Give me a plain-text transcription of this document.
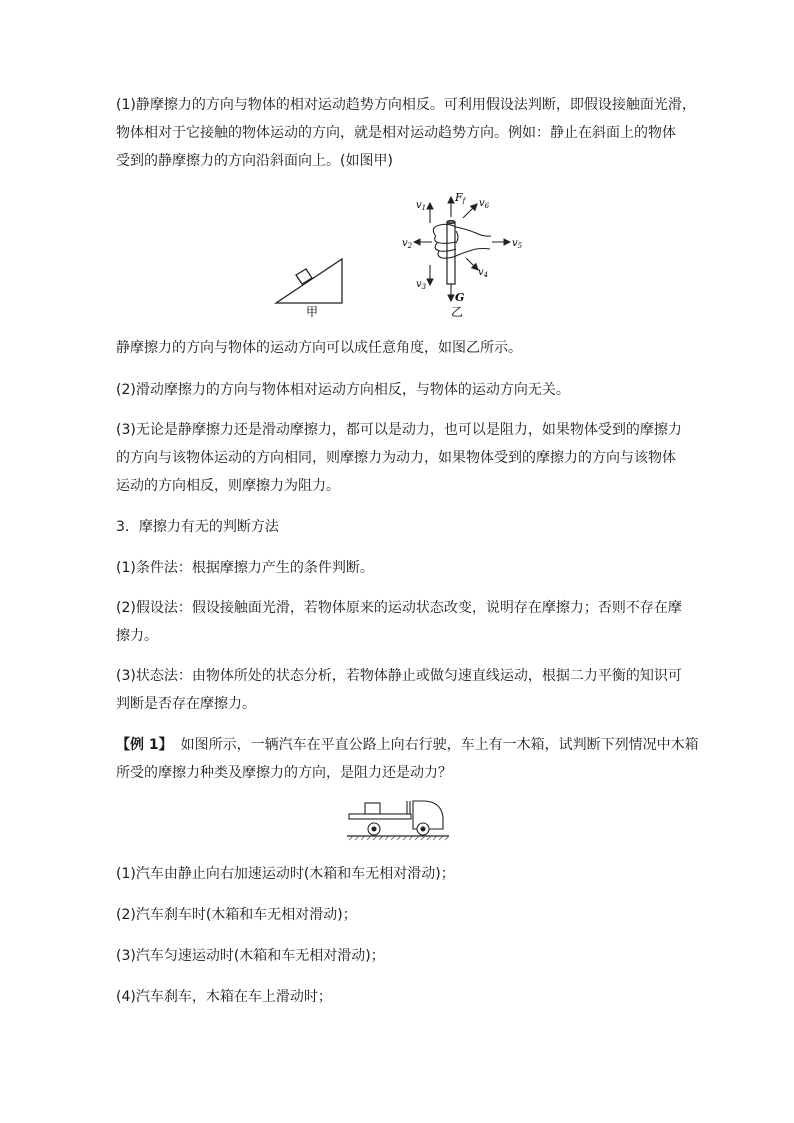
(1)静摩擦力的方向与物体的相对运动趋势方向相反。可利用假设法判断，即假设接触面光滑，
物体相对于它接触的物体运动的方向，就是相对运动趋势方向。例如：静止在斜面上的物体
受到的静摩擦力的方向沿斜面向上。(如图甲)
甲
Ff
G
$v_1$
$v_2$
$v_3$
$v_4$
$v_5$
$v_6$
乙
静摩擦力的方向与物体的运动方向可以成任意角度，如图乙所示。
(2)滑动摩擦力的方向与物体相对运动方向相反，与物体的运动方向无关。
(3)无论是静摩擦力还是滑动摩擦力，都可以是动力，也可以是阻力，如果物体受到的摩擦力
的方向与该物体运动的方向相同，则摩擦力为动力，如果物体受到的摩擦力的方向与该物体
运动的方向相反，则摩擦力为阻力。
3．摩擦力有无的判断方法
(1)条件法：根据摩擦力产生的条件判断。
(2)假设法：假设接触面光滑，若物体原来的运动状态改变，说明存在摩擦力；否则不存在摩
擦力。
(3)状态法：由物体所处的状态分析，若物体静止或做匀速直线运动，根据二力平衡的知识可
判断是否存在摩擦力。
【例 1】 如图所示，一辆汽车在平直公路上向右行驶，车上有一木箱，试判断下列情况中木箱
所受的摩擦力种类及摩擦力的方向，是阻力还是动力？
(1)汽车由静止向右加速运动时(木箱和车无相对滑动)；
(2)汽车刹车时(木箱和车无相对滑动)；
(3)汽车匀速运动时(木箱和车无相对滑动)；
(4)汽车刹车，木箱在车上滑动时；
